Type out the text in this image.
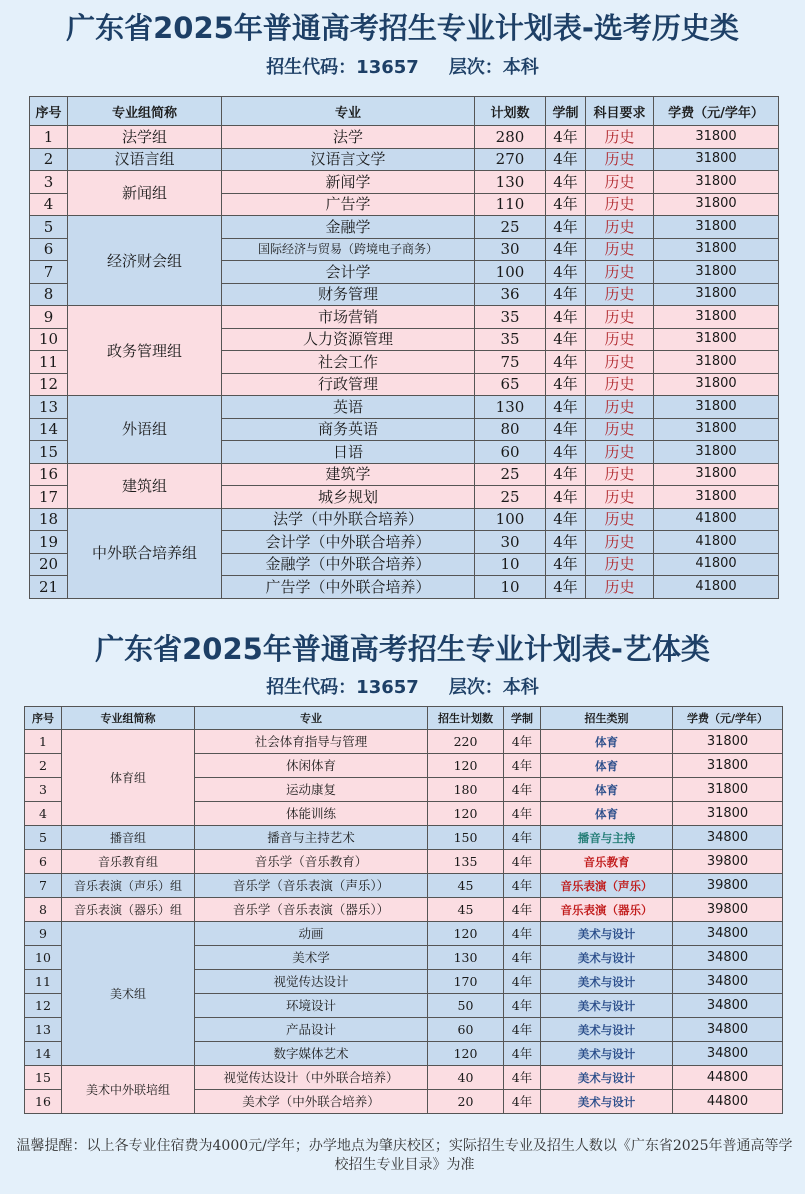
广东省2025年普通高考招生专业计划表-选考历史类
招生代码：13657 层次：本科
序号	专业组简称	专业	计划数	学制	科目要求	学费（元/学年）
1	法学组	法学	280	4年	历史	31800
2	汉语言组	汉语言文学	270	4年	历史	31800
3	新闻组	新闻学	130	4年	历史	31800
4		广告学	110	4年	历史	31800
5	经济财会组	金融学	25	4年	历史	31800
6		国际经济与贸易（跨境电子商务）	30	4年	历史	31800
7		会计学	100	4年	历史	31800
8		财务管理	36	4年	历史	31800
9	政务管理组	市场营销	35	4年	历史	31800
10		人力资源管理	35	4年	历史	31800
11		社会工作	75	4年	历史	31800
12		行政管理	65	4年	历史	31800
13	外语组	英语	130	4年	历史	31800
14		商务英语	80	4年	历史	31800
15		日语	60	4年	历史	31800
16	建筑组	建筑学	25	4年	历史	31800
17		城乡规划	25	4年	历史	31800
18	中外联合培养组	法学（中外联合培养）	100	4年	历史	41800
19		会计学（中外联合培养）	30	4年	历史	41800
20		金融学（中外联合培养）	10	4年	历史	41800
21		广告学（中外联合培养）	10	4年	历史	41800
广东省2025年普通高考招生专业计划表-艺体类
招生代码：13657 层次：本科
序号	专业组简称	专业	招生计划数	学制	招生类别	学费（元/学年）
1	体育组	社会体育指导与管理	220	4年	体育	31800
2		休闲体育	120	4年	体育	31800
3		运动康复	180	4年	体育	31800
4		体能训练	120	4年	体育	31800
5	播音组	播音与主持艺术	150	4年	播音与主持	34800
6	音乐教育组	音乐学（音乐教育）	135	4年	音乐教育	39800
7	音乐表演（声乐）组	音乐学（音乐表演（声乐））	45	4年	音乐表演（声乐）	39800
8	音乐表演（器乐）组	音乐学（音乐表演（器乐））	45	4年	音乐表演（器乐）	39800
9	美术组	动画	120	4年	美术与设计	34800
10		美术学	130	4年	美术与设计	34800
11		视觉传达设计	170	4年	美术与设计	34800
12		环境设计	50	4年	美术与设计	34800
13		产品设计	60	4年	美术与设计	34800
14		数字媒体艺术	120	4年	美术与设计	34800
15	美术中外联培组	视觉传达设计（中外联合培养）	40	4年	美术与设计	44800
16		美术学（中外联合培养）	20	4年	美术与设计	44800
温馨提醒：以上各专业住宿费为4000元/学年；办学地点为肇庆校区；实际招生专业及招生人数以《广东省2025年普通高等学校招生专业目录》为准
